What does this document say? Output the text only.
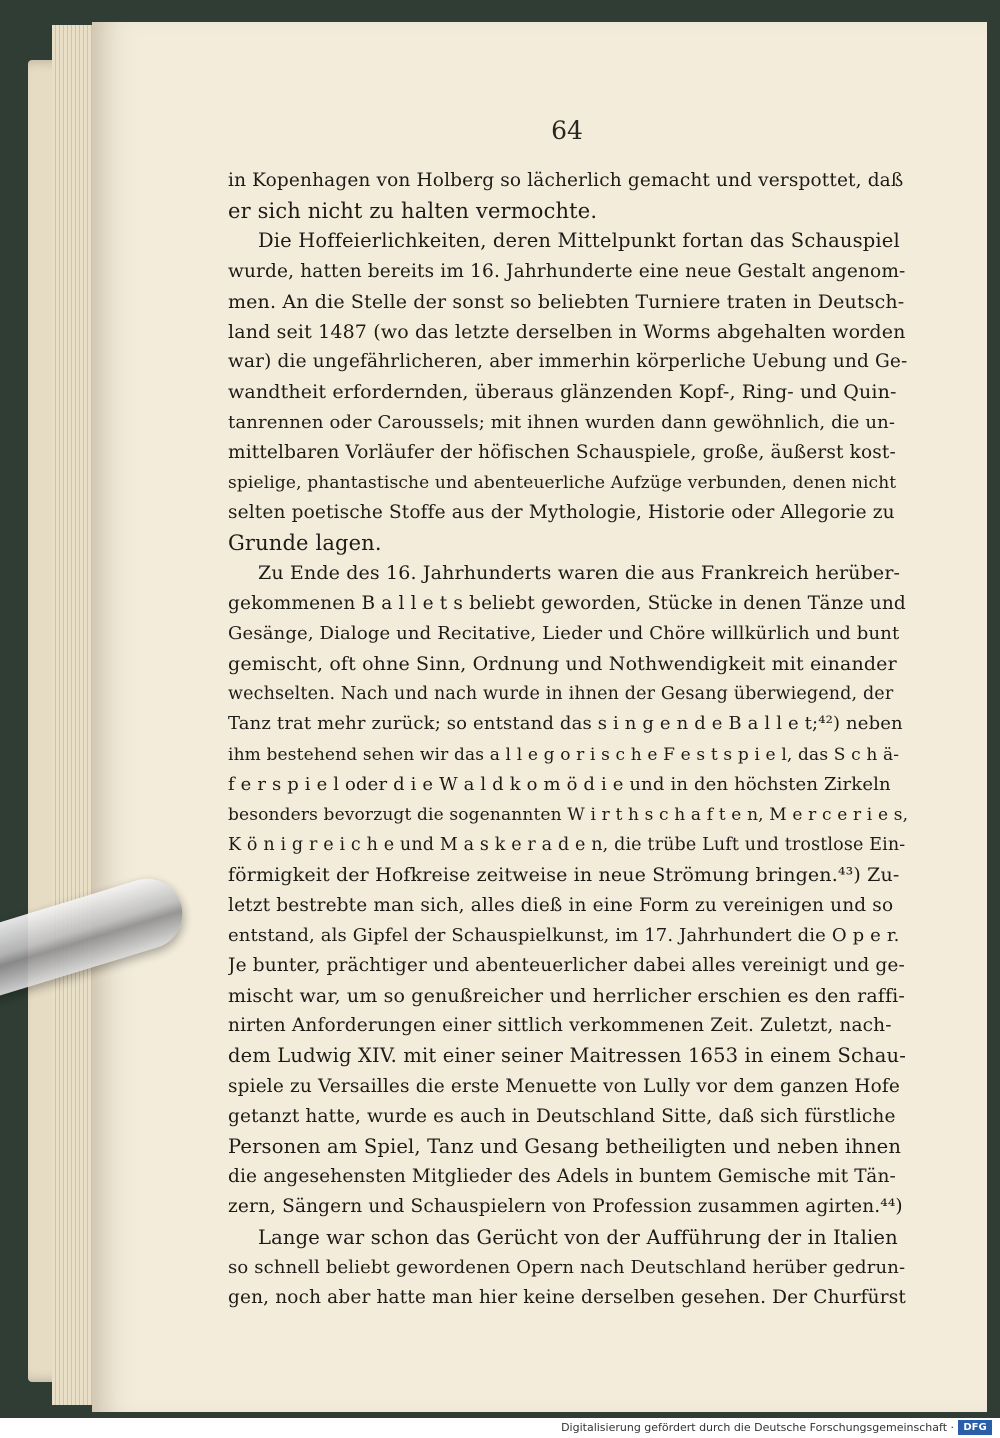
64
in Kopenhagen von Holberg so lächerlich gemacht und verspottet, daß
er sich nicht zu halten vermochte.
Die Hoffeierlichkeiten, deren Mittelpunkt fortan das Schauspiel
wurde, hatten bereits im 16. Jahrhunderte eine neue Gestalt angenom-
men. An die Stelle der sonst so beliebten Turniere traten in Deutsch-
land seit 1487 (wo das letzte derselben in Worms abgehalten worden
war) die ungefährlicheren, aber immerhin körperliche Uebung und Ge-
wandtheit erfordernden, überaus glänzenden Kopf-, Ring- und Quin-
tanrennen oder Caroussels; mit ihnen wurden dann gewöhnlich, die un-
mittelbaren Vorläufer der höfischen Schauspiele, große, äußerst kost-
spielige, phantastische und abenteuerliche Aufzüge verbunden, denen nicht
selten poetische Stoffe aus der Mythologie, Historie oder Allegorie zu
Grunde lagen.
Zu Ende des 16. Jahrhunderts waren die aus Frankreich herüber-
gekommenen B a l l e t s beliebt geworden, Stücke in denen Tänze und
Gesänge, Dialoge und Recitative, Lieder und Chöre willkürlich und bunt
gemischt, oft ohne Sinn, Ordnung und Nothwendigkeit mit einander
wechselten. Nach und nach wurde in ihnen der Gesang überwiegend, der
Tanz trat mehr zurück; so entstand das s i n g e n d e B a l l e t;⁴²) neben
ihm bestehend sehen wir das a l l e g o r i s c h e F e s t s p i e l, das S c h ä-
f e r s p i e l oder d i e W a l d k o m ö d i e und in den höchsten Zirkeln
besonders bevorzugt die sogenannten W i r t h s c h a f t e n, M e r c e r i e s,
K ö n i g r e i c h e und M a s k e r a d e n, die trübe Luft und trostlose Ein-
förmigkeit der Hofkreise zeitweise in neue Strömung bringen.⁴³) Zu-
letzt bestrebte man sich, alles dieß in eine Form zu vereinigen und so
entstand, als Gipfel der Schauspielkunst, im 17. Jahrhundert die O p e r.
Je bunter, prächtiger und abenteuerlicher dabei alles vereinigt und ge-
mischt war, um so genußreicher und herrlicher erschien es den raffi-
nirten Anforderungen einer sittlich verkommenen Zeit. Zuletzt, nach-
dem Ludwig XIV. mit einer seiner Maitressen 1653 in einem Schau-
spiele zu Versailles die erste Menuette von Lully vor dem ganzen Hofe
getanzt hatte, wurde es auch in Deutschland Sitte, daß sich fürstliche
Personen am Spiel, Tanz und Gesang betheiligten und neben ihnen
die angesehensten Mitglieder des Adels in buntem Gemische mit Tän-
zern, Sängern und Schauspielern von Profession zusammen agirten.⁴⁴)
Lange war schon das Gerücht von der Aufführung der in Italien
so schnell beliebt gewordenen Opern nach Deutschland herüber gedrun-
gen, noch aber hatte man hier keine derselben gesehen. Der Churfürst
Digitalisierung gefördert durch die Deutsche Forschungsgemeinschaft · DFG
